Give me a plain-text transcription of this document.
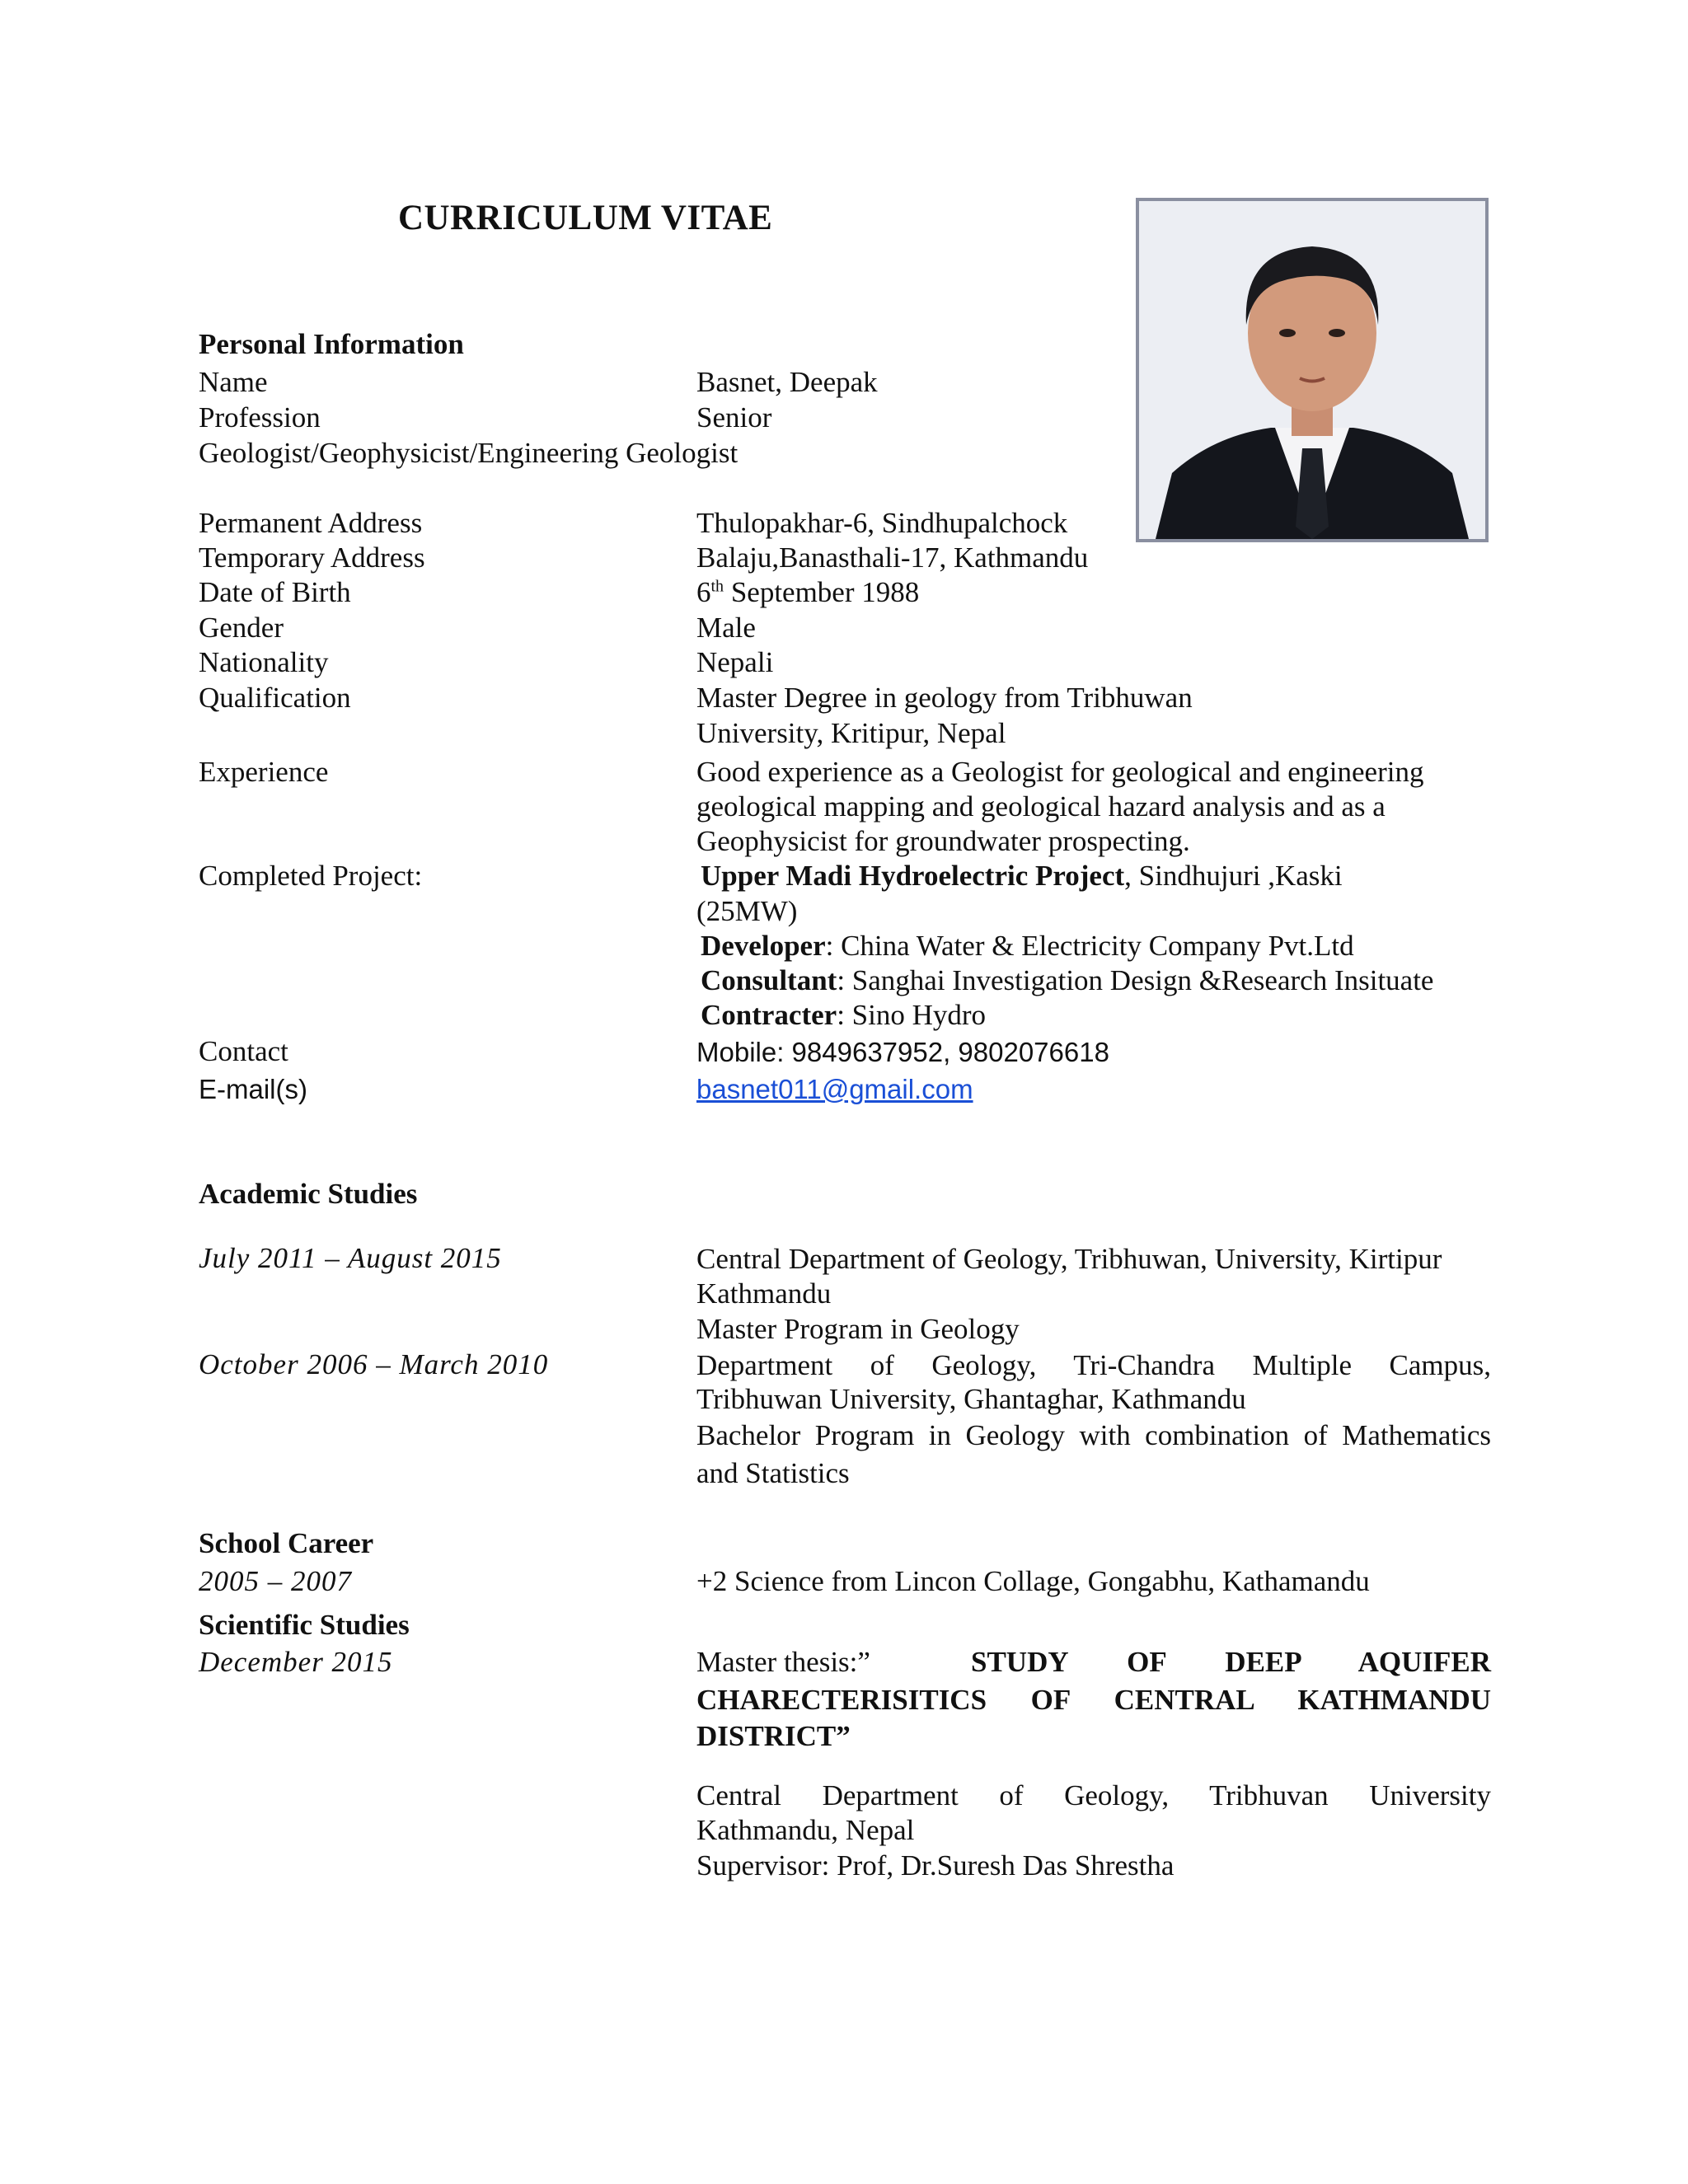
CURRICULUM VITAE
Personal Information
Name	Basnet, Deepak
Profession	Senior
Geologist/Geophysicist/Engineering Geologist
Permanent Address	Thulopakhar-6, Sindhupalchock
Temporary Address	Balaju,Banasthali-17, Kathmandu
Date of Birth	6th September 1988
Gender	Male
Nationality	Nepali
Qualification	Master Degree in geology from Tribhuwan
University, Kritipur, Nepal
Experience	Good experience as a Geologist for geological and engineering
geological mapping and geological hazard analysis and as a
Geophysicist for groundwater prospecting.
Completed Project:	Upper Madi Hydroelectric Project, Sindhujuri ,Kaski
(25MW)
Developer: China Water & Electricity Company Pvt.Ltd
Consultant: Sanghai Investigation Design &Research Insituate
Contracter: Sino Hydro
Contact	Mobile: 9849637952, 9802076618
E-mail(s)	basnet011@gmail.com
Academic Studies
July 2011 – August 2015	Central Department of Geology, Tribhuwan, University, Kirtipur
Kathmandu
Master Program in Geology
October 2006 – March 2010	Department of Geology, Tri-Chandra Multiple Campus,
Tribhuwan University, Ghantaghar, Kathmandu
Bachelor Program in Geology with combination of Mathematics
and Statistics
School Career
2005 – 2007	+2 Science from Lincon Collage, Gongabhu, Kathamandu
Scientific Studies
December 2015	Master thesis:”	STUDY OF DEEP AQUIFER
CHARECTERISITICS OF CENTRAL KATHMANDU
DISTRICT”
Central Department of Geology, Tribhuvan University
Kathmandu, Nepal
Supervisor: Prof, Dr.Suresh Das Shrestha
